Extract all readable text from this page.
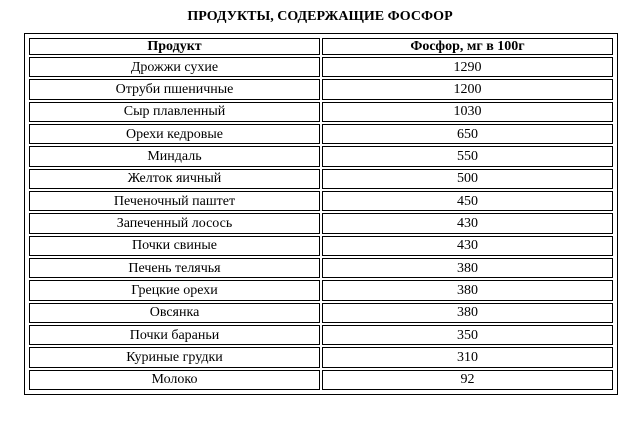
ПРОДУКТЫ, СОДЕРЖАЩИЕ ФОСФОР
Продукт	Фосфор, мг в 100г
Дрожжи сухие	1290
Отруби пшеничные	1200
Сыр плавленный	1030
Орехи кедровые	650
Миндаль	550
Желток яичный	500
Печеночный паштет	450
Запеченный лосось	430
Почки свиные	430
Печень телячья	380
Грецкие орехи	380
Овсянка	380
Почки бараньи	350
Куриные грудки	310
Молоко	92
